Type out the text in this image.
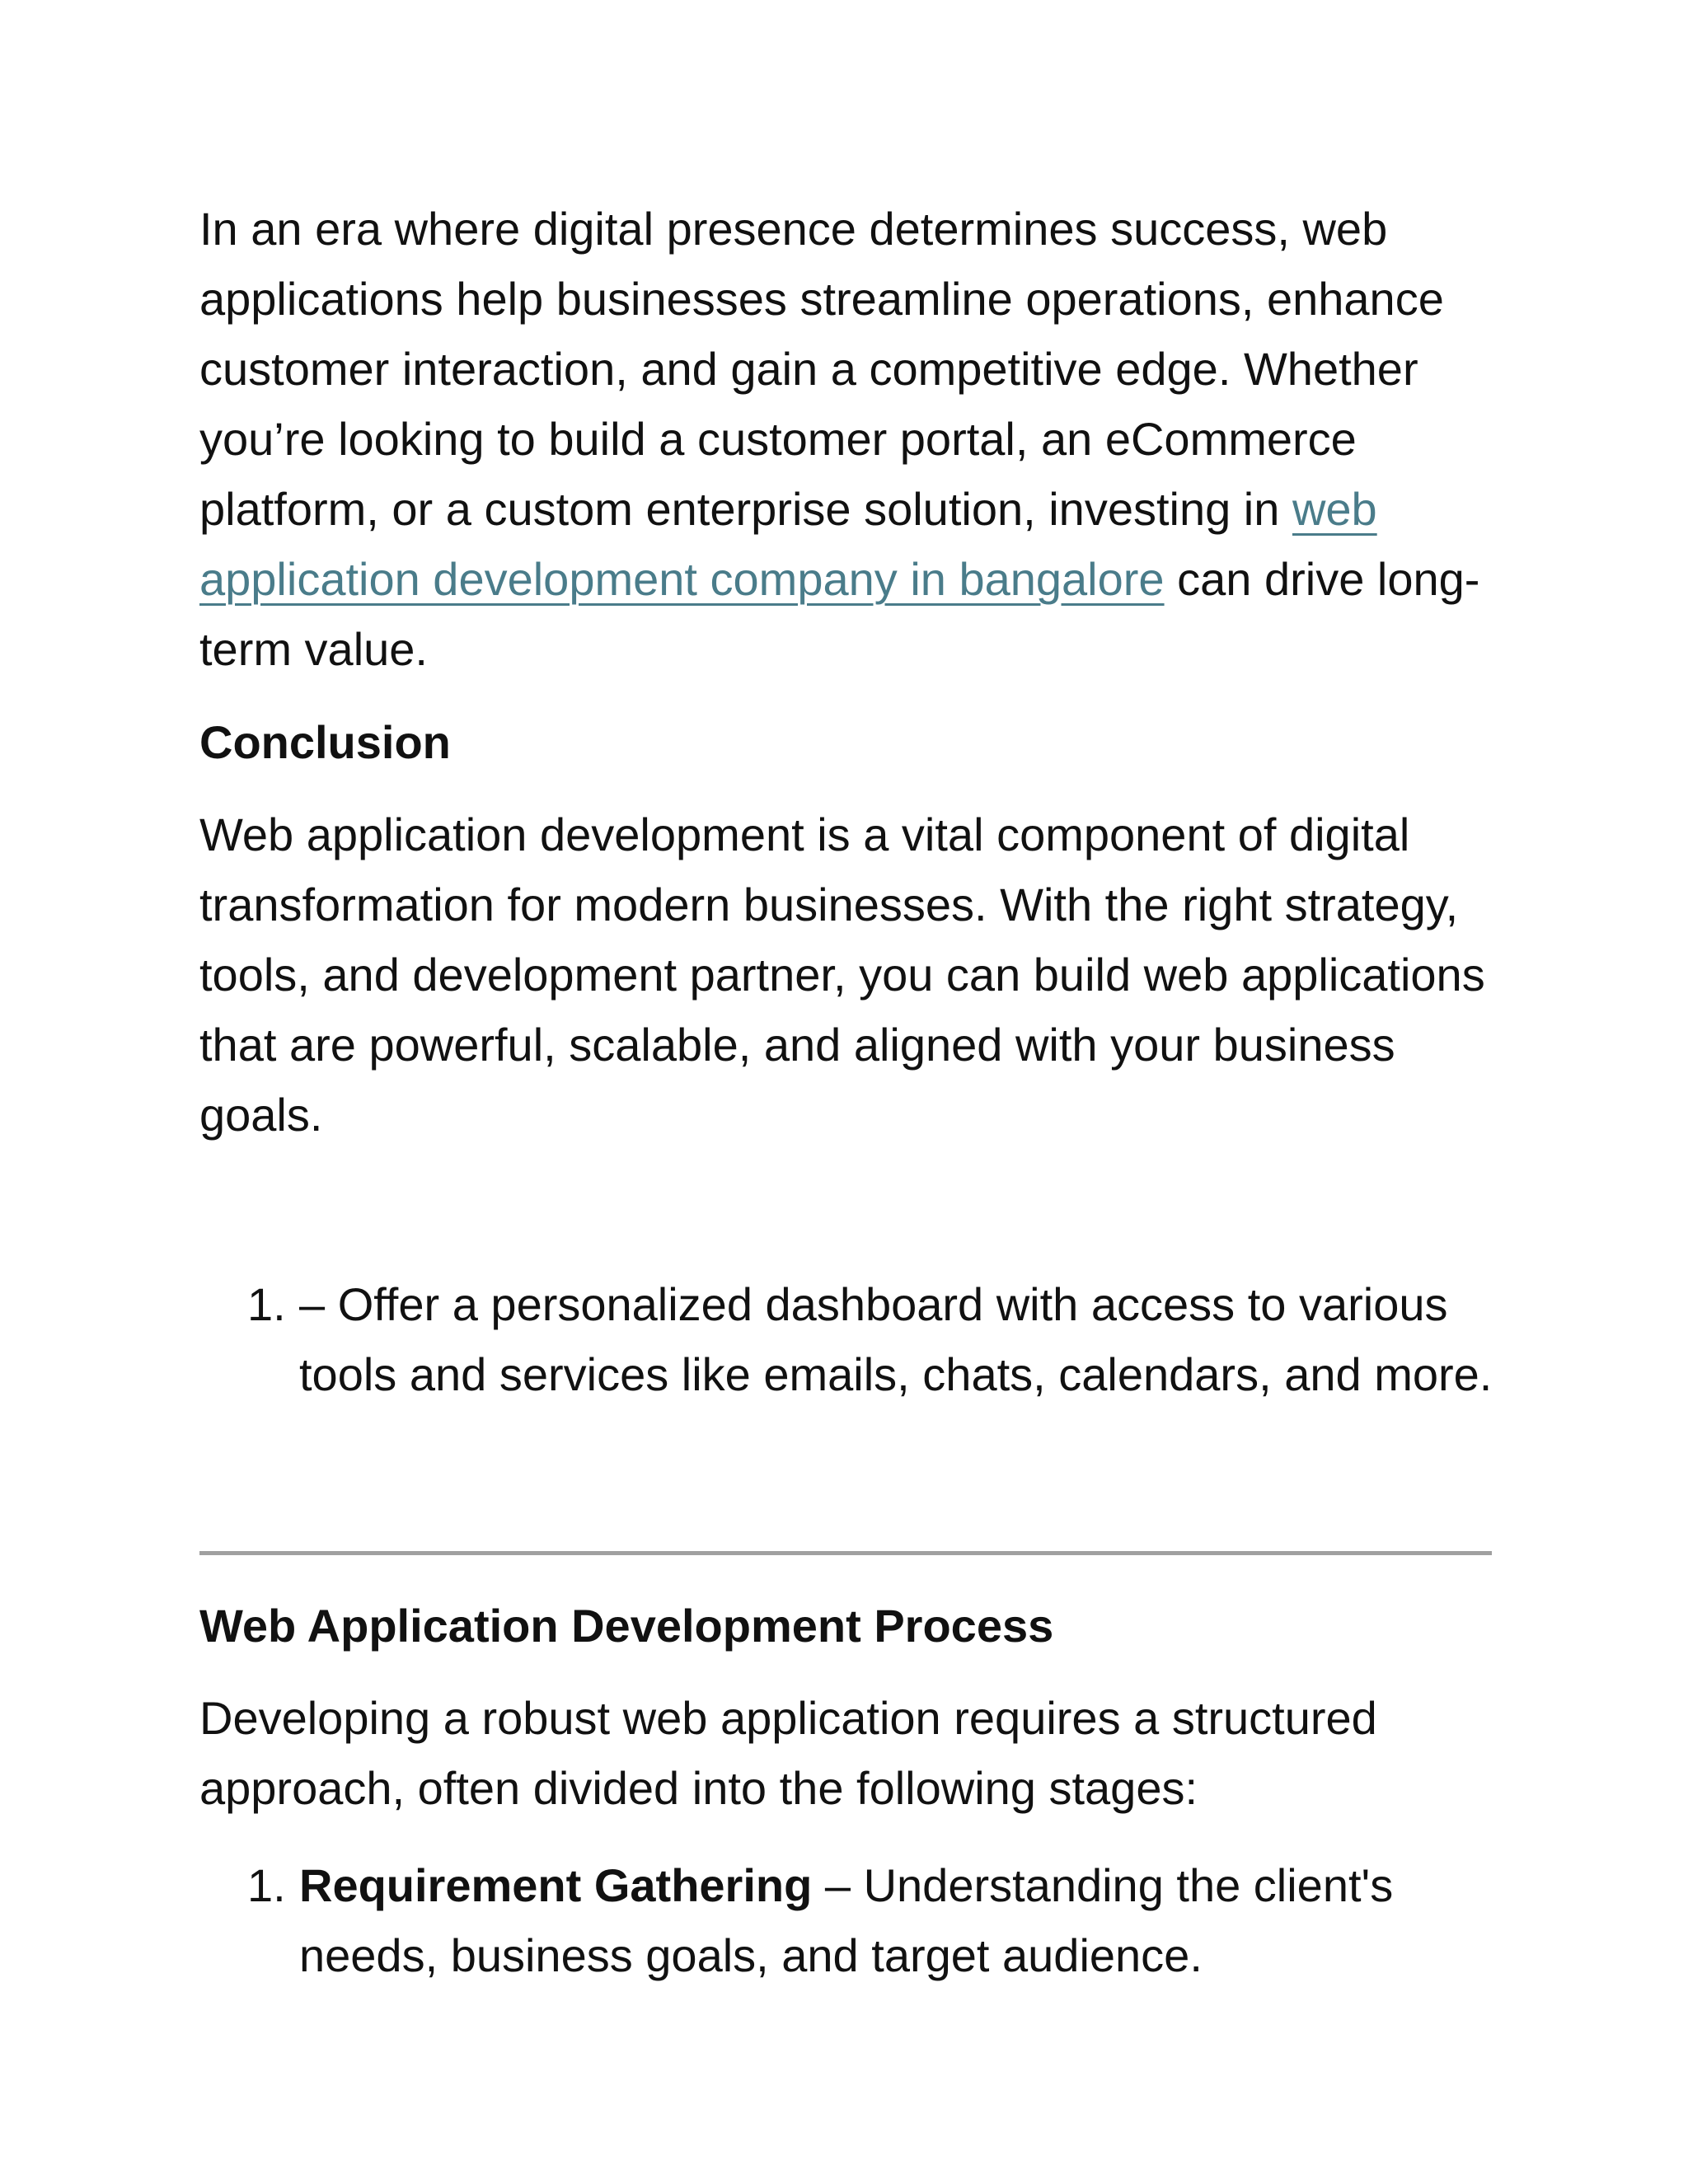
In an era where digital presence determines success, web applications help businesses streamline operations, enhance customer interaction, and gain a competitive edge. Whether you’re looking to build a customer portal, an eCommerce platform, or a custom enterprise solution, investing in web application development company in bangalore can drive long-term value.

Conclusion

Web application development is a vital component of digital transformation for modern businesses. With the right strategy, tools, and development partner, you can build web applications that are powerful, scalable, and aligned with your business goals.

1. – Offer a personalized dashboard with access to various tools and services like emails, chats, calendars, and more.
Web Application Development Process

Developing a robust web application requires a structured approach, often divided into the following stages:

1. Requirement Gathering – Understanding the client's needs, business goals, and target audience.
